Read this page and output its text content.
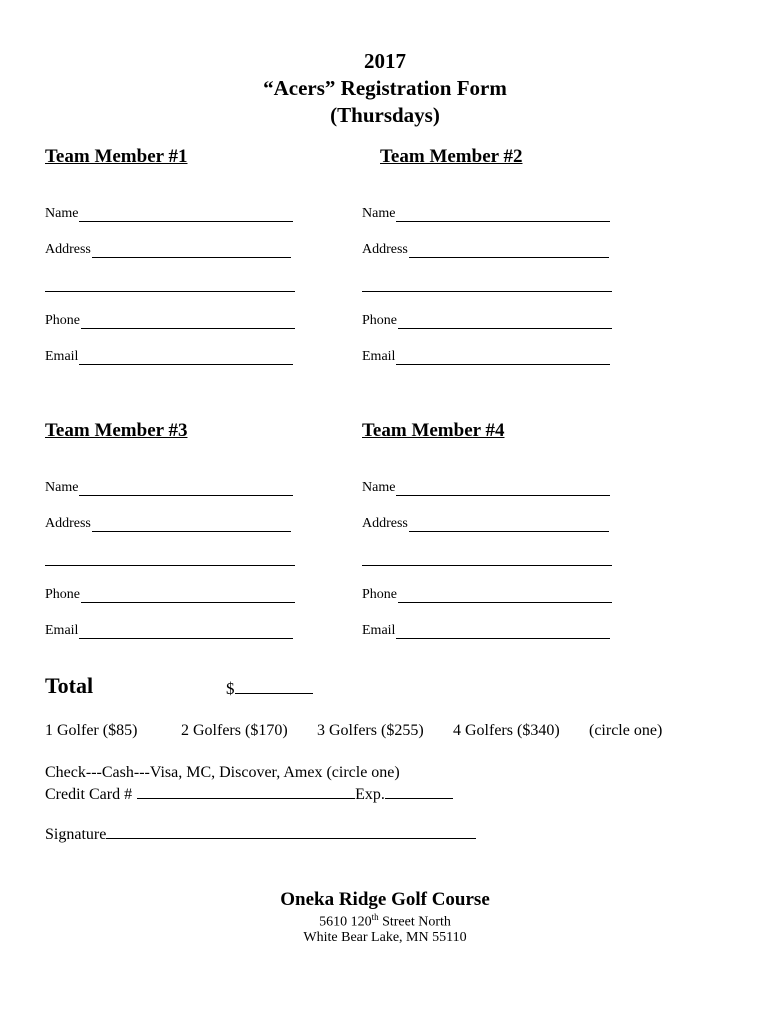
2017
“Acers” Registration Form
(Thursdays)
Team Member #1
Name
Address
Phone
Email
Team Member #2
Name
Address
Phone
Email
Team Member #3
Name
Address
Phone
Email
Team Member #4
Name
Address
Phone
Email
Total	$
1 Golfer ($85)	2 Golfers ($170) 3 Golfers ($255) 4 Golfers ($340) (circle one)
Check---Cash---Visa, MC, Discover, Amex (circle one)
Credit Card #	Exp.
Signature
Oneka Ridge Golf Course
5610 120th Street North
White Bear Lake, MN 55110
